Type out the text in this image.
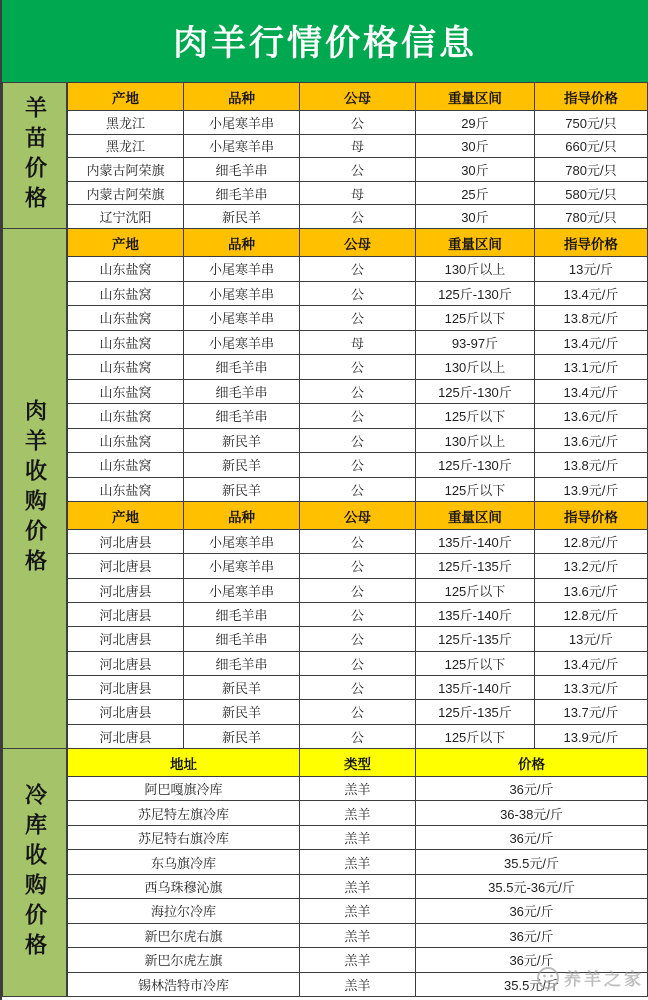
肉羊行情价格信息
羊苗价格	产地	品种	公母	重量区间	指导价格
黑龙江	小尾寒羊串	公	29斤	750元/只
黑龙江	小尾寒羊串	母	30斤	660元/只
内蒙古阿荣旗	细毛羊串	公	30斤	780元/只
内蒙古阿荣旗	细毛羊串	母	25斤	580元/只
辽宁沈阳	新民羊	公	30斤	780元/只
肉羊收购价格
产地	品种	公母	重量区间	指导价格
山东盐窝	小尾寒羊串	公	130斤以上	13元/斤
山东盐窝	小尾寒羊串	公	125斤-130斤	13.4元/斤
山东盐窝	小尾寒羊串	公	125斤以下	13.8元/斤
山东盐窝	小尾寒羊串	母	93-97斤	13.4元/斤
山东盐窝	细毛羊串	公	130斤以上	13.1元/斤
山东盐窝	细毛羊串	公	125斤-130斤	13.4元/斤
山东盐窝	细毛羊串	公	125斤以下	13.6元/斤
山东盐窝	新民羊	公	130斤以上	13.6元/斤
山东盐窝	新民羊	公	125斤-130斤	13.8元/斤
山东盐窝	新民羊	公	125斤以下	13.9元/斤
产地	品种	公母	重量区间	指导价格
河北唐县	小尾寒羊串	公	135斤-140斤	12.8元/斤
河北唐县	小尾寒羊串	公	125斤-135斤	13.2元/斤
河北唐县	小尾寒羊串	公	125斤以下	13.6元/斤
河北唐县	细毛羊串	公	135斤-140斤	12.8元/斤
河北唐县	细毛羊串	公	125斤-135斤	13元/斤
河北唐县	细毛羊串	公	125斤以下	13.4元/斤
河北唐县	新民羊	公	135斤-140斤	13.3元/斤
河北唐县	新民羊	公	125斤-135斤	13.7元/斤
河北唐县	新民羊	公	125斤以下	13.9元/斤
冷库收购价格
地址	类型	价格
阿巴嘎旗冷库	羔羊	36元/斤
苏尼特左旗冷库	羔羊	36-38元/斤
苏尼特右旗冷库	羔羊	36元/斤
东乌旗冷库	羔羊	35.5元/斤
西乌珠穆沁旗	羔羊	35.5元-36元/斤
海拉尔冷库	羔羊	36元/斤
新巴尔虎右旗	羔羊	36元/斤
新巴尔虎左旗	羔羊	36元/斤
锡林浩特市冷库	羔羊	35.5元/斤 养羊之家
